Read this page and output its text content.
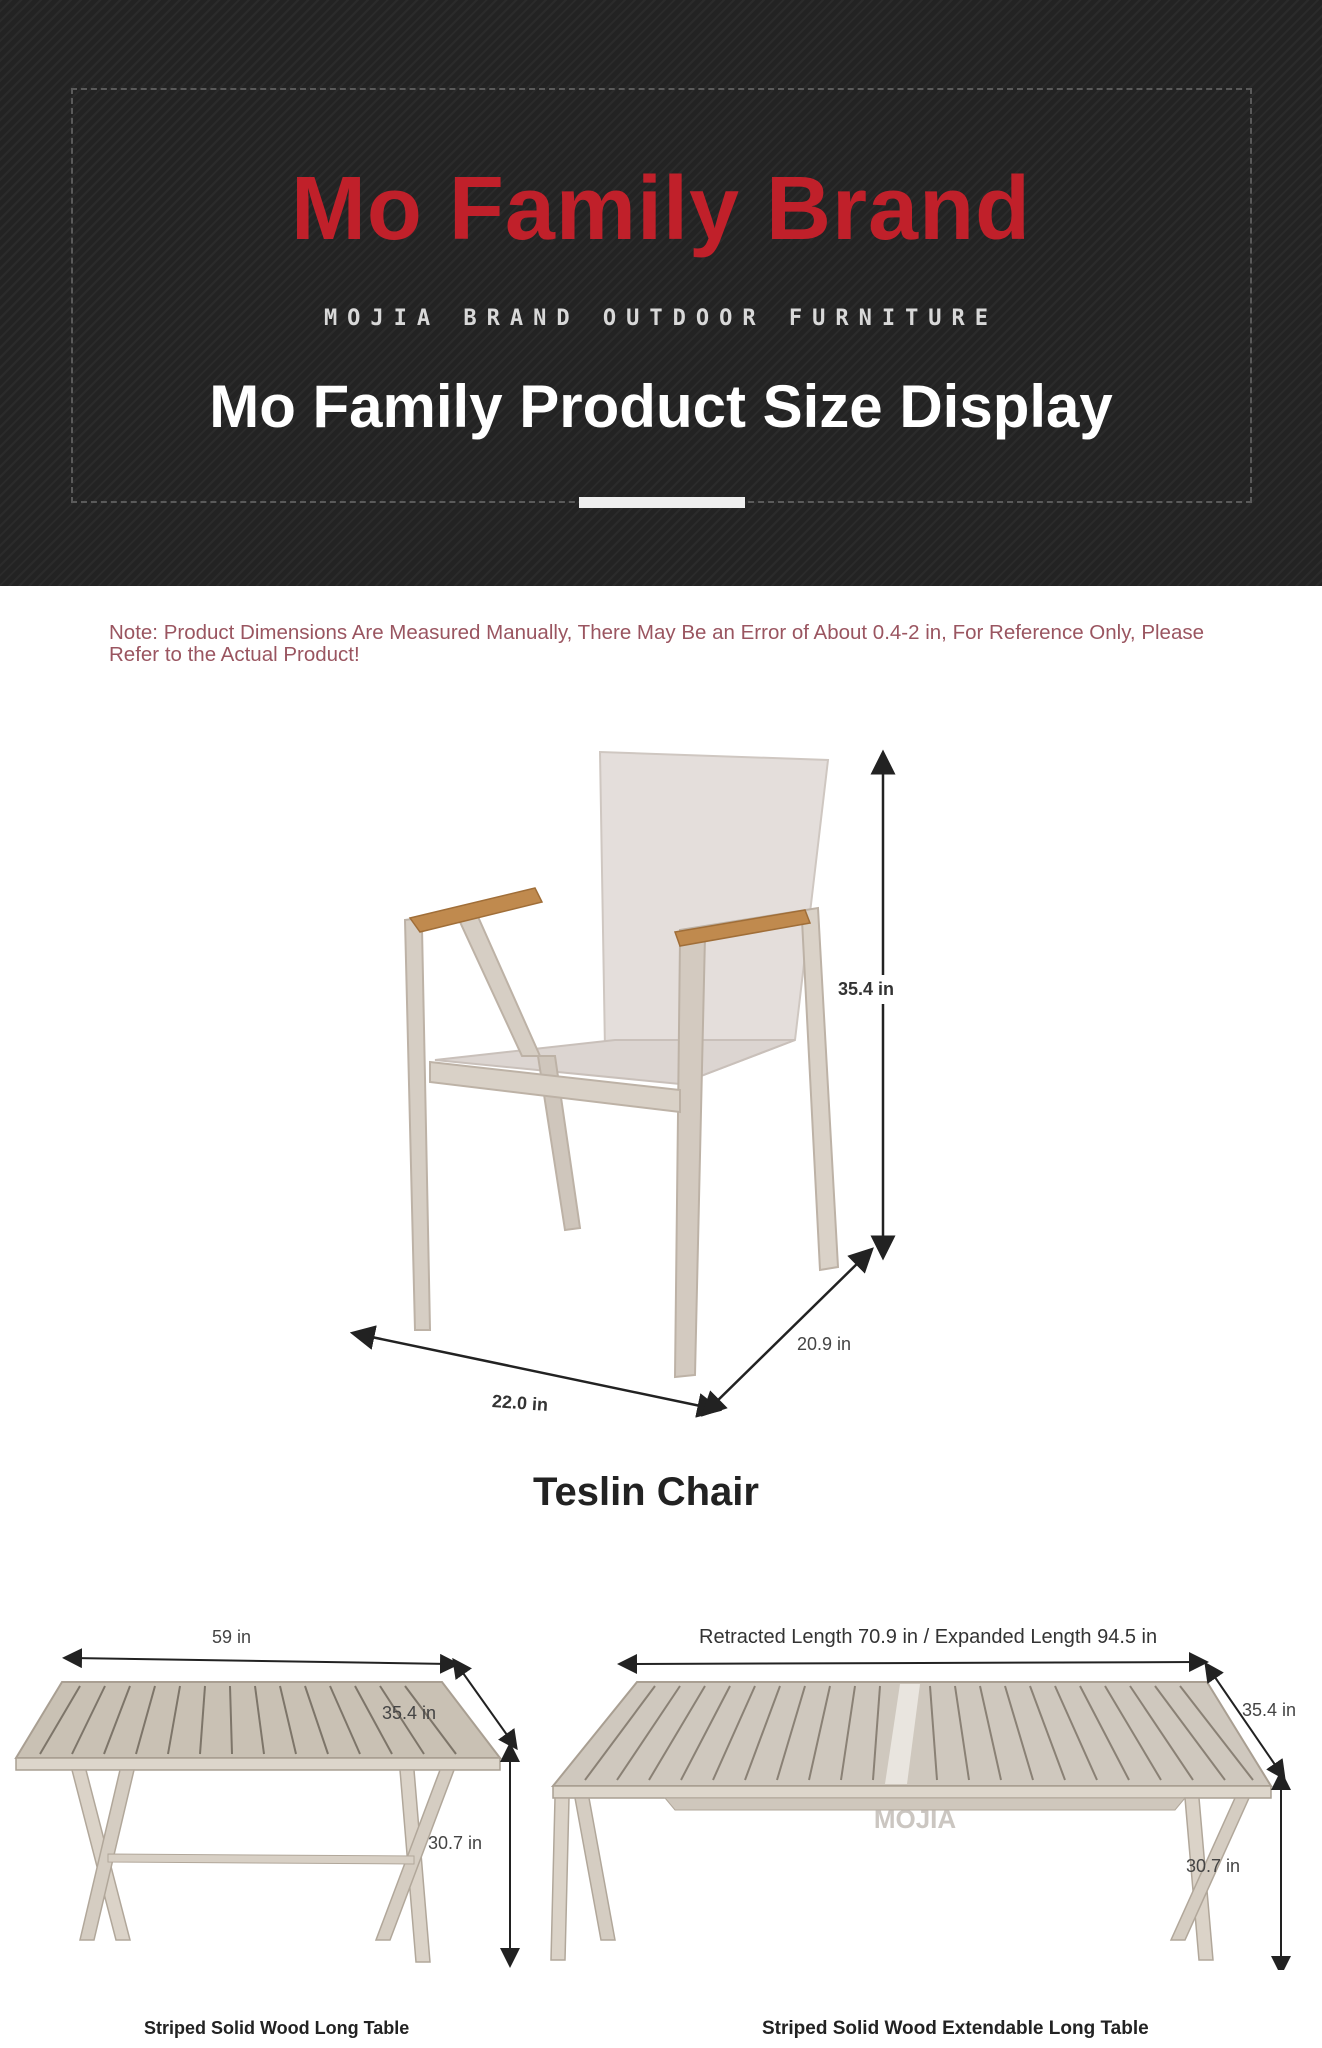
Mo Family Brand
MOJIA BRAND OUTDOOR FURNITURE
Mo Family Product Size Display
Note: Product Dimensions Are Measured Manually, There May Be an Error of About 0.4-2 in, For Reference Only, Please Refer to the Actual Product!
35.4 in
20.9 in
22.0 in
Teslin Chair
59 in
35.4 in
30.7 in
Striped Solid Wood Long Table
MOJIA
Retracted Length 70.9 in / Expanded Length 94.5 in
35.4 in
30.7 in
Striped Solid Wood Extendable Long Table
